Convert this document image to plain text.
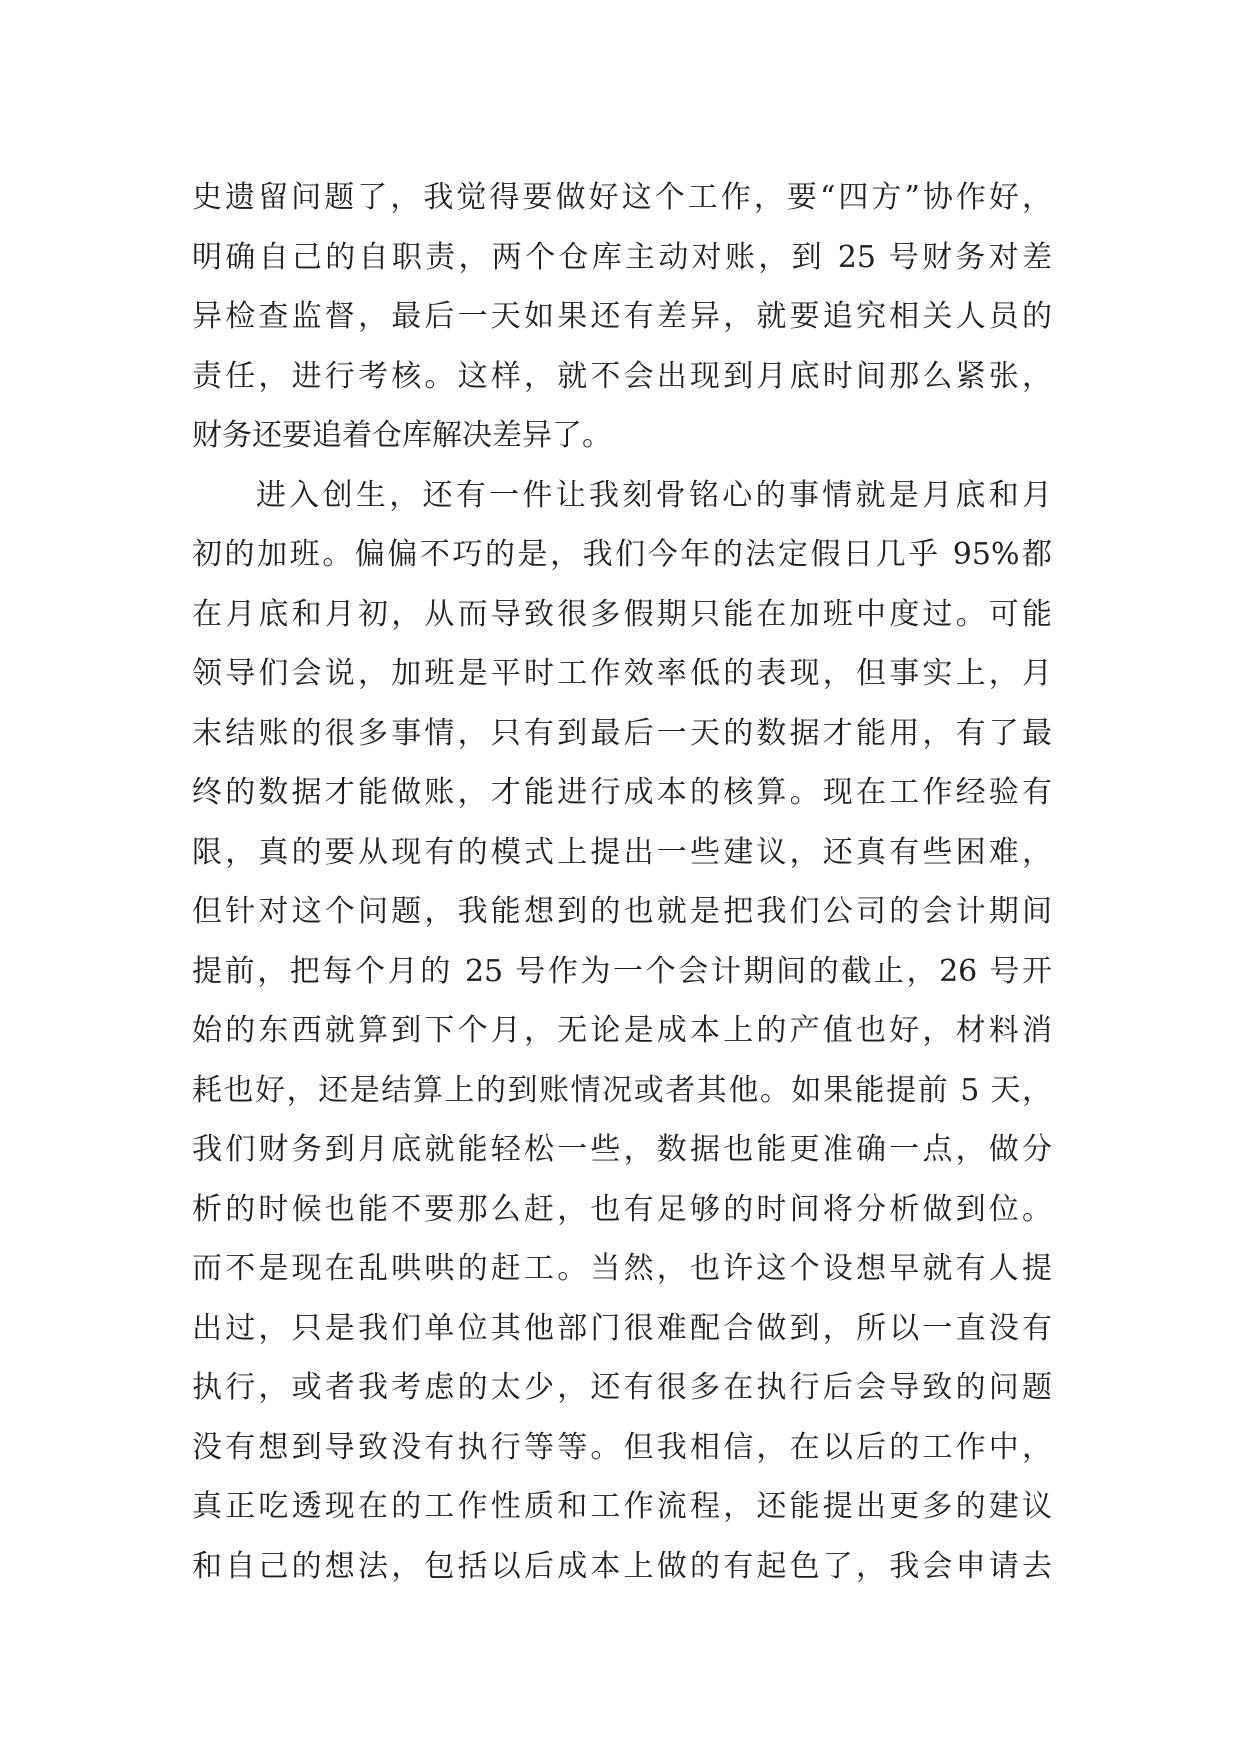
史遗留问题了，我觉得要做好这个工作，要“四方”协作好，
明确自己的自职责，两个仓库主动对账，到 25 号财务对差
异检查监督，最后一天如果还有差异，就要追究相关人员的
责任，进行考核。这样，就不会出现到月底时间那么紧张，
财务还要追着仓库解决差异了。
进入创生，还有一件让我刻骨铭心的事情就是月底和月
初的加班。偏偏不巧的是，我们今年的法定假日几乎 95%都
在月底和月初，从而导致很多假期只能在加班中度过。可能
领导们会说，加班是平时工作效率低的表现，但事实上，月
末结账的很多事情，只有到最后一天的数据才能用，有了最
终的数据才能做账，才能进行成本的核算。现在工作经验有
限，真的要从现有的模式上提出一些建议，还真有些困难，
但针对这个问题，我能想到的也就是把我们公司的会计期间
提前，把每个月的 25 号作为一个会计期间的截止，26 号开
始的东西就算到下个月，无论是成本上的产值也好，材料消
耗也好，还是结算上的到账情况或者其他。如果能提前 5 天，
我们财务到月底就能轻松一些，数据也能更准确一点，做分
析的时候也能不要那么赶，也有足够的时间将分析做到位。
而不是现在乱哄哄的赶工。当然，也许这个设想早就有人提
出过，只是我们单位其他部门很难配合做到，所以一直没有
执行，或者我考虑的太少，还有很多在执行后会导致的问题
没有想到导致没有执行等等。但我相信，在以后的工作中，
真正吃透现在的工作性质和工作流程，还能提出更多的建议
和自己的想法，包括以后成本上做的有起色了，我会申请去
